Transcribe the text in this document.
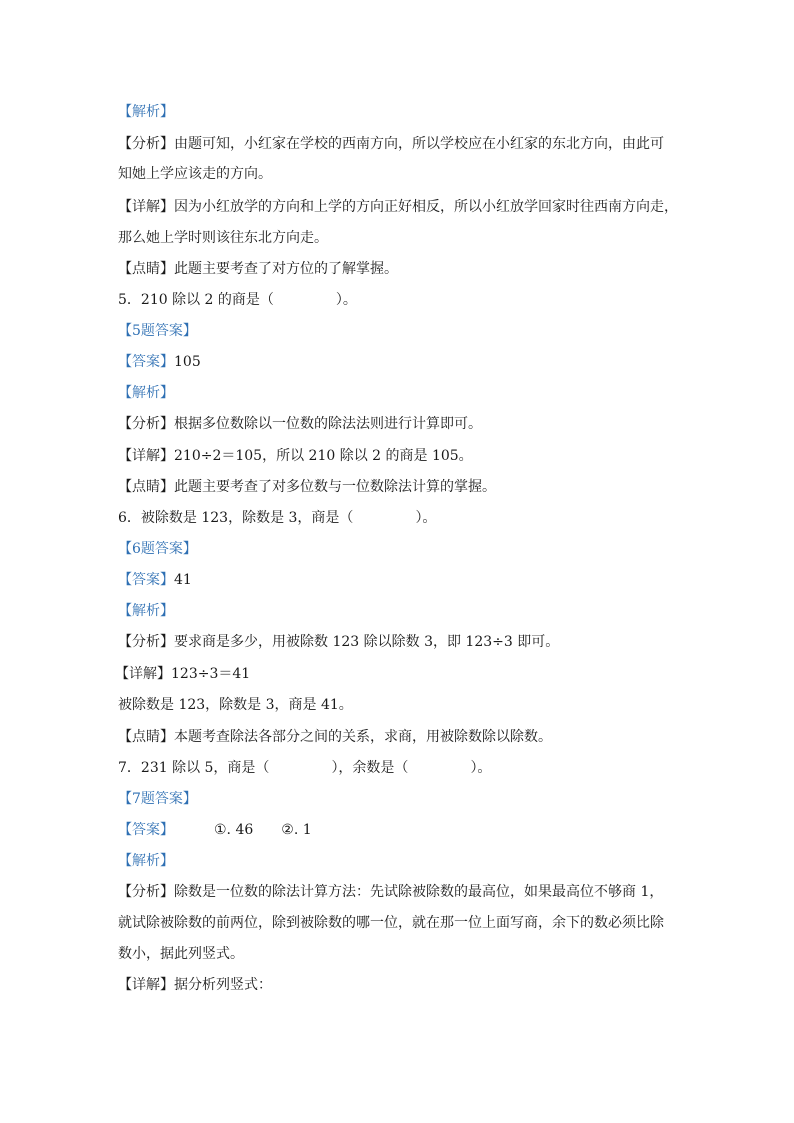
【解析】
【分析】由题可知，小红家在学校的西南方向，所以学校应在小红家的东北方向，由此可
知她上学应该走的方向。
【详解】因为小红放学的方向和上学的方向正好相反，所以小红放学回家时往西南方向走，
那么她上学时则该往东北方向走。
【点睛】此题主要考查了对方位的了解掌握。
5．210 除以 2 的商是（	）。
【5题答案】
【答案】105
【解析】
【分析】根据多位数除以一位数的除法法则进行计算即可。
【详解】210÷2＝105，所以 210 除以 2 的商是 105。
【点睛】此题主要考查了对多位数与一位数除法计算的掌握。
6．被除数是 123，除数是 3，商是（	）。
【6题答案】
【答案】41
【解析】
【分析】要求商是多少，用被除数 123 除以除数 3，即 123÷3 即可。
【详解】123÷3＝41
被除数是 123，除数是 3，商是 41。
【点睛】本题考查除法各部分之间的关系，求商，用被除数除以除数。
7．231 除以 5，商是（	），余数是（	）。
【7题答案】
【答案】	①. 46 ②. 1
【解析】
【分析】除数是一位数的除法计算方法：先试除被除数的最高位，如果最高位不够商 1，
就试除被除数的前两位，除到被除数的哪一位，就在那一位上面写商，余下的数必须比除
数小，据此列竖式。
【详解】据分析列竖式：
